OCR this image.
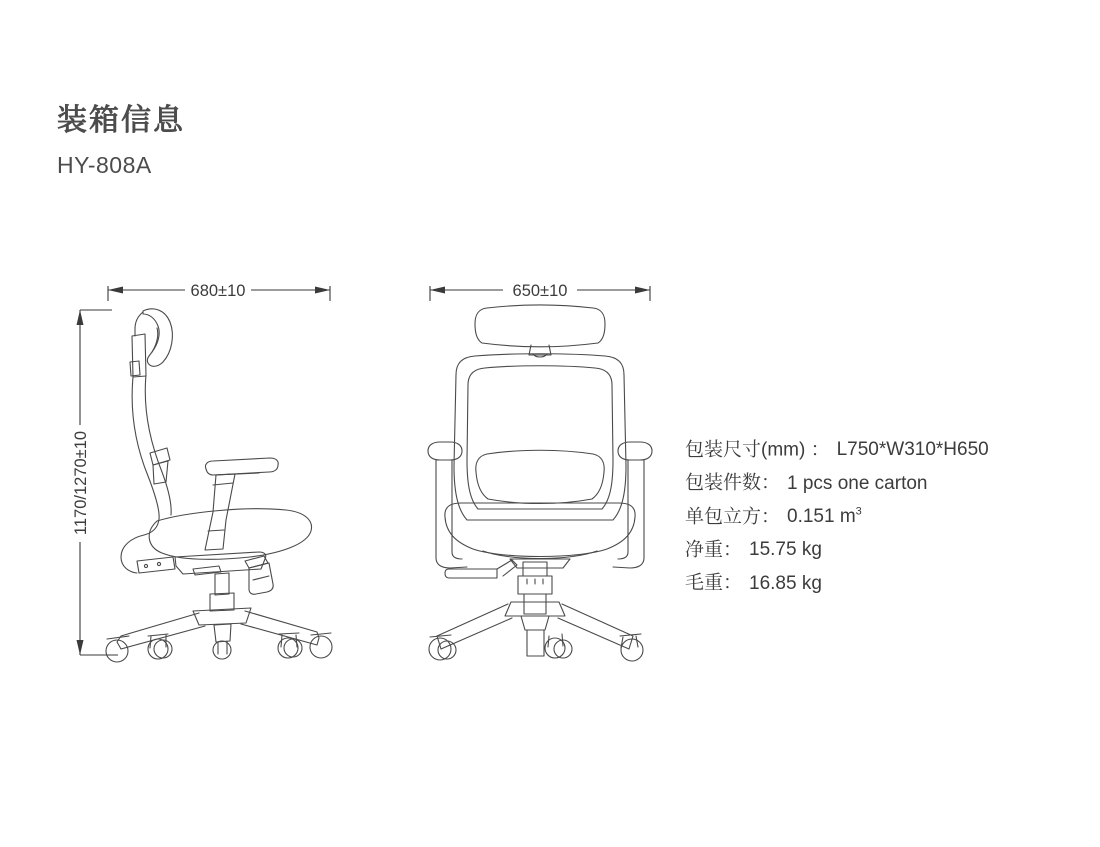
装箱信息
HY-808A
680±10
1170/1270±10
650±10
包装尺寸(mm) ： L750*W310*H650
包装件数： 1 pcs one carton
单包立方： 0.151 $m^3$
净重： 15.75 kg
毛重： 16.85 kg
